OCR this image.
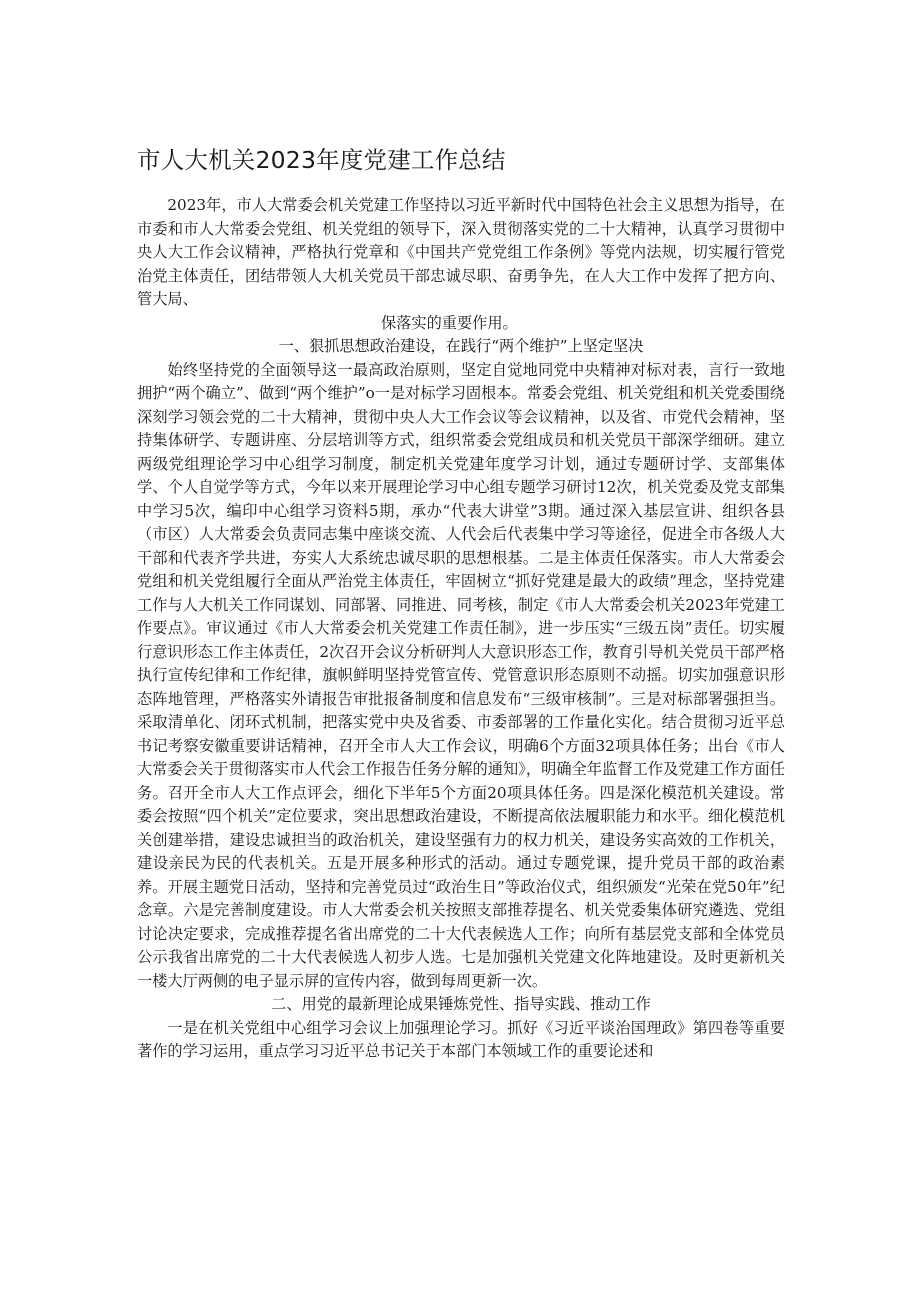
市人大机关2023年度党建工作总结

2023年，市人大常委会机关党建工作坚持以习近平新时代中国特色社会主义思想为指导，在市委和市人大常委会党组、机关党组的领导下，深入贯彻落实党的二十大精神，认真学习贯彻中央人大工作会议精神，严格执行党章和《中国共产党党组工作条例》等党内法规，切实履行管党治党主体责任，团结带领人大机关党员干部忠诚尽职、奋勇争先，在人大工作中发挥了把方向、管大局、

保落实的重要作用。

一、狠抓思想政治建设，在践行“两个维护”上坚定坚决

始终坚持党的全面领导这一最高政治原则，坚定自觉地同党中央精神对标对表，言行一致地拥护“两个确立”、做到“两个维护”o一是对标学习固根本。常委会党组、机关党组和机关党委围绕深刻学习领会党的二十大精神，贯彻中央人大工作会议等会议精神，以及省、市党代会精神，坚持集体研学、专题讲座、分层培训等方式，组织常委会党组成员和机关党员干部深学细研。建立两级党组理论学习中心组学习制度，制定机关党建年度学习计划，通过专题研讨学、支部集体学、个人自觉学等方式，今年以来开展理论学习中心组专题学习研讨12次，机关党委及党支部集中学习5次，编印中心组学习资料5期，承办“代表大讲堂”3期。通过深入基层宣讲、组织各县（市区）人大常委会负责同志集中座谈交流、人代会后代表集中学习等途径，促进全市各级人大干部和代表齐学共进，夯实人大系统忠诚尽职的思想根基。二是主体责任保落实。市人大常委会党组和机关党组履行全面从严治党主体责任，牢固树立“抓好党建是最大的政绩”理念，坚持党建工作与人大机关工作同谋划、同部署、同推进、同考核，制定《市人大常委会机关2023年党建工作要点》。审议通过《市人大常委会机关党建工作责任制》，进一步压实“三级五岗”责任。切实履行意识形态工作主体责任，2次召开会议分析研判人大意识形态工作，教育引导机关党员干部严格执行宣传纪律和工作纪律，旗帜鲜明坚持党管宣传、党管意识形态原则不动摇。切实加强意识形态阵地管理，严格落实外请报告审批报备制度和信息发布“三级审核制”。三是对标部署强担当。采取清单化、闭环式机制，把落实党中央及省委、市委部署的工作量化实化。结合贯彻习近平总书记考察安徽重要讲话精神，召开全市人大工作会议，明确6个方面32项具体任务；出台《市人大常委会关于贯彻落实市人代会工作报告任务分解的通知》，明确全年监督工作及党建工作方面任务。召开全市人大工作点评会，细化下半年5个方面20项具体任务。四是深化模范机关建设。常委会按照“四个机关”定位要求，突出思想政治建设，不断提高依法履职能力和水平。细化模范机关创建举措，建设忠诚担当的政治机关，建设坚强有力的权力机关，建设务实高效的工作机关，建设亲民为民的代表机关。五是开展多种形式的活动。通过专题党课，提升党员干部的政治素养。开展主题党日活动，坚持和完善党员过“政治生日”等政治仪式，组织颁发“光荣在党50年”纪念章。六是完善制度建设。市人大常委会机关按照支部推荐提名、机关党委集体研究遴选、党组讨论决定要求，完成推荐提名省出席党的二十大代表候选人工作；向所有基层党支部和全体党员公示我省出席党的二十大代表候选人初步人选。七是加强机关党建文化阵地建设。及时更新机关一楼大厅两侧的电子显示屏的宣传内容，做到每周更新一次。

二、用党的最新理论成果锤炼党性、指导实践、推动工作

一是在机关党组中心组学习会议上加强理论学习。抓好《习近平谈治国理政》第四卷等重要著作的学习运用，重点学习习近平总书记关于本部门本领域工作的重要论述和
